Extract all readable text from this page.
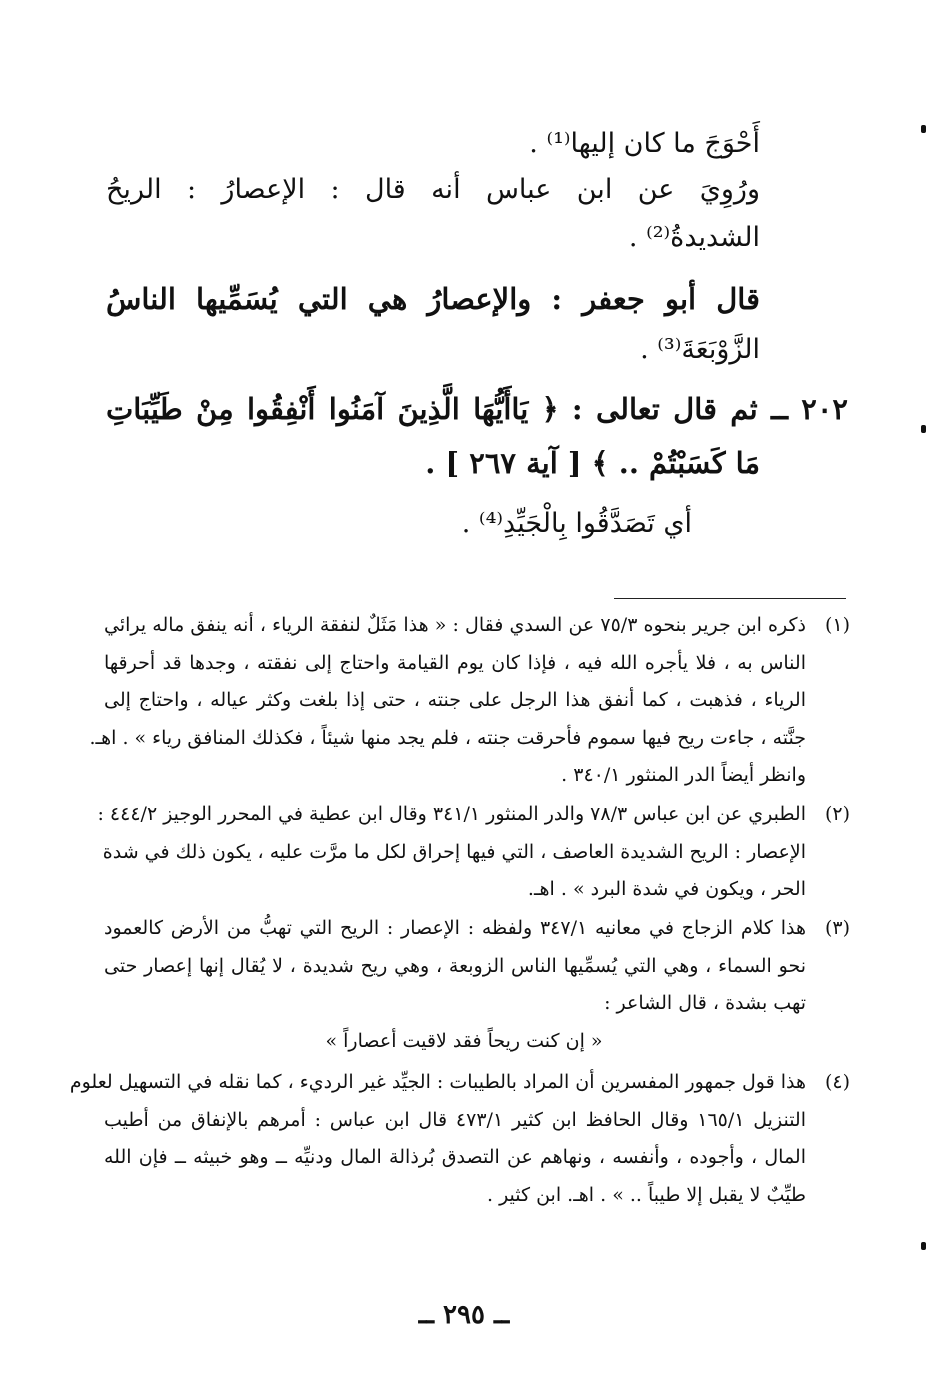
أَحْوَجَ ما كان إليها⁽¹⁾ .
ورُوِيَ عن ابن عباس أنه قال : الإعصارُ : الريحُ
الشديدةُ⁽²⁾ .
قال أبو جعفر : والإعصارُ هي التي يُسَمِّيها الناسُ
الزَّوْبَعَةَ⁽³⁾ .
٢٠٢ ــ ثم قال تعالى : ﴿ يَاأَيُّهَا الَّذِينَ آمَنُوا أَنْفِقُوا مِنْ طَيِّبَاتِ
مَا كَسَبْتُمْ .. ﴾ [ آية ٢٦٧ ] .
أي تَصَدَّقُوا بِالْجَيِّدِ⁽⁴⁾ .
(١)
ذكره ابن جرير بنحوه ٧٥/٣ عن السدي فقال : « هذا مَثَلٌ لنفقة الرياء ، أنه ينفق ماله يرائي
الناس به ، فلا يأجره الله فيه ، فإذا كان يوم القيامة واحتاج إلى نفقته ، وجدها قد أحرقها
الرياء ، فذهبت ، كما أنفق هذا الرجل على جنته ، حتى إذا بلغت وكثر عياله ، واحتاج إلى
جنَّته ، جاءت ريح فيها سموم فأحرقت جنته ، فلم يجد منها شيئاً ، فكذلك المنافق رياء » . اهـ.
وانظر أيضاً الدر المنثور ٣٤٠/١ .
(٢)
الطبري عن ابن عباس ٧٨/٣ والدر المنثور ٣٤١/١ وقال ابن عطية في المحرر الوجيز ٤٤٤/٢ :
الإعصار : الريح الشديدة العاصف ، التي فيها إحراق لكل ما مرَّت عليه ، يكون ذلك في شدة
الحر ، ويكون في شدة البرد » . اهـ.
(٣)
هذا كلام الزجاج في معانيه ٣٤٧/١ ولفظه : الإعصار : الريح التي تهبُّ من الأرض كالعمود
نحو السماء ، وهي التي يُسمِّيها الناس الزوبعة ، وهي ريح شديدة ، لا يُقال إنها إعصار حتى
تهب بشدة ، قال الشاعر :
« إن كنت ريحاً فقد لاقيت أعصاراً »
(٤)
هذا قول جمهور المفسرين أن المراد بالطيبات : الجيِّد غير الرديء ، كما نقله في التسهيل لعلوم
التنزيل ١٦٥/١ وقال الحافظ ابن كثير ٤٧٣/١ قال ابن عباس : أمرهم بالإنفاق من أطيب
المال ، وأجوده ، وأنفسه ، ونهاهم عن التصدق بُرذالة المال ودنيِّه ــ وهو خبيثه ــ فإن الله
طيِّبٌ لا يقبل إلا طيباً .. » . اهـ. ابن كثير .
ــ ٢٩٥ ــ
